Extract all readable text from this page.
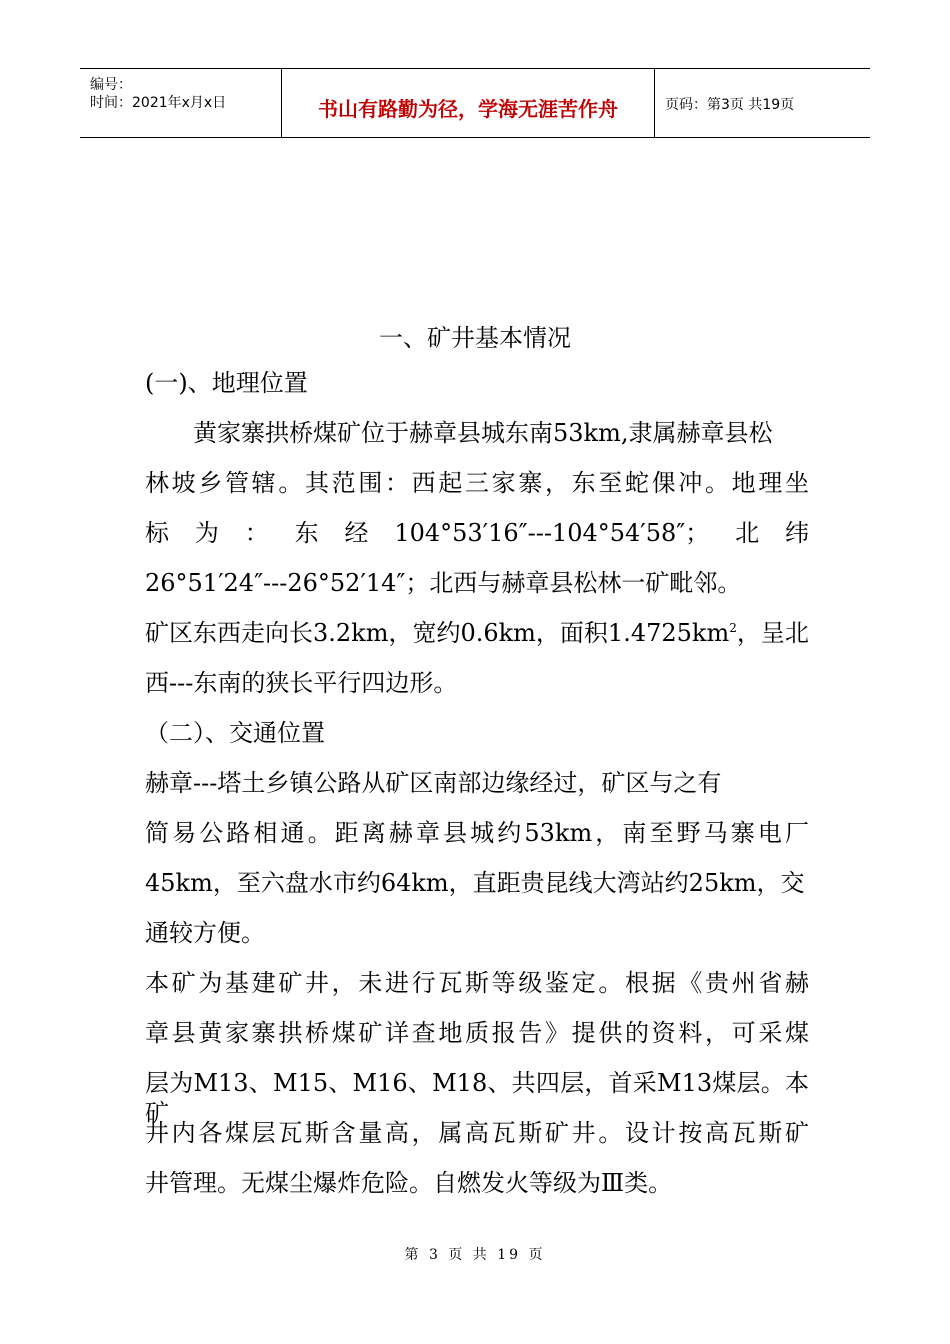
编号：
时间：2021年x月x日	书山有路勤为径，学海无涯苦作舟	页码：第3页 共19页
一、矿井基本情况
(一)、地理位置
黄家寨拱桥煤矿位于赫章县城东南53km,隶属赫章县松
林坡乡管辖。其范围：西起三家寨，东至蛇倮冲。地理坐
标为：东经104°53′16″---104°54′58″；北纬
26°51′24″---26°52′14″；北西与赫章县松林一矿毗邻。
矿区东西走向长3.2km，宽约0.6km，面积$1.4725km^2$，呈北
西---东南的狭长平行四边形。
（二）、交通位置
赫章---塔土乡镇公路从矿区南部边缘经过，矿区与之有
简易公路相通。距离赫章县城约53km，南至野马寨电厂
45km，至六盘水市约64km，直距贵昆线大湾站约25km，交
通较方便。
本矿为基建矿井，未进行瓦斯等级鉴定。根据《贵州省赫
章县黄家寨拱桥煤矿详查地质报告》提供的资料，可采煤
层为M13、M15、M16、M18、共四层，首采M13煤层。本矿
井内各煤层瓦斯含量高，属高瓦斯矿井。设计按高瓦斯矿
井管理。无煤尘爆炸危险。自燃发火等级为Ⅲ类。
第 3 页 共 19 页
